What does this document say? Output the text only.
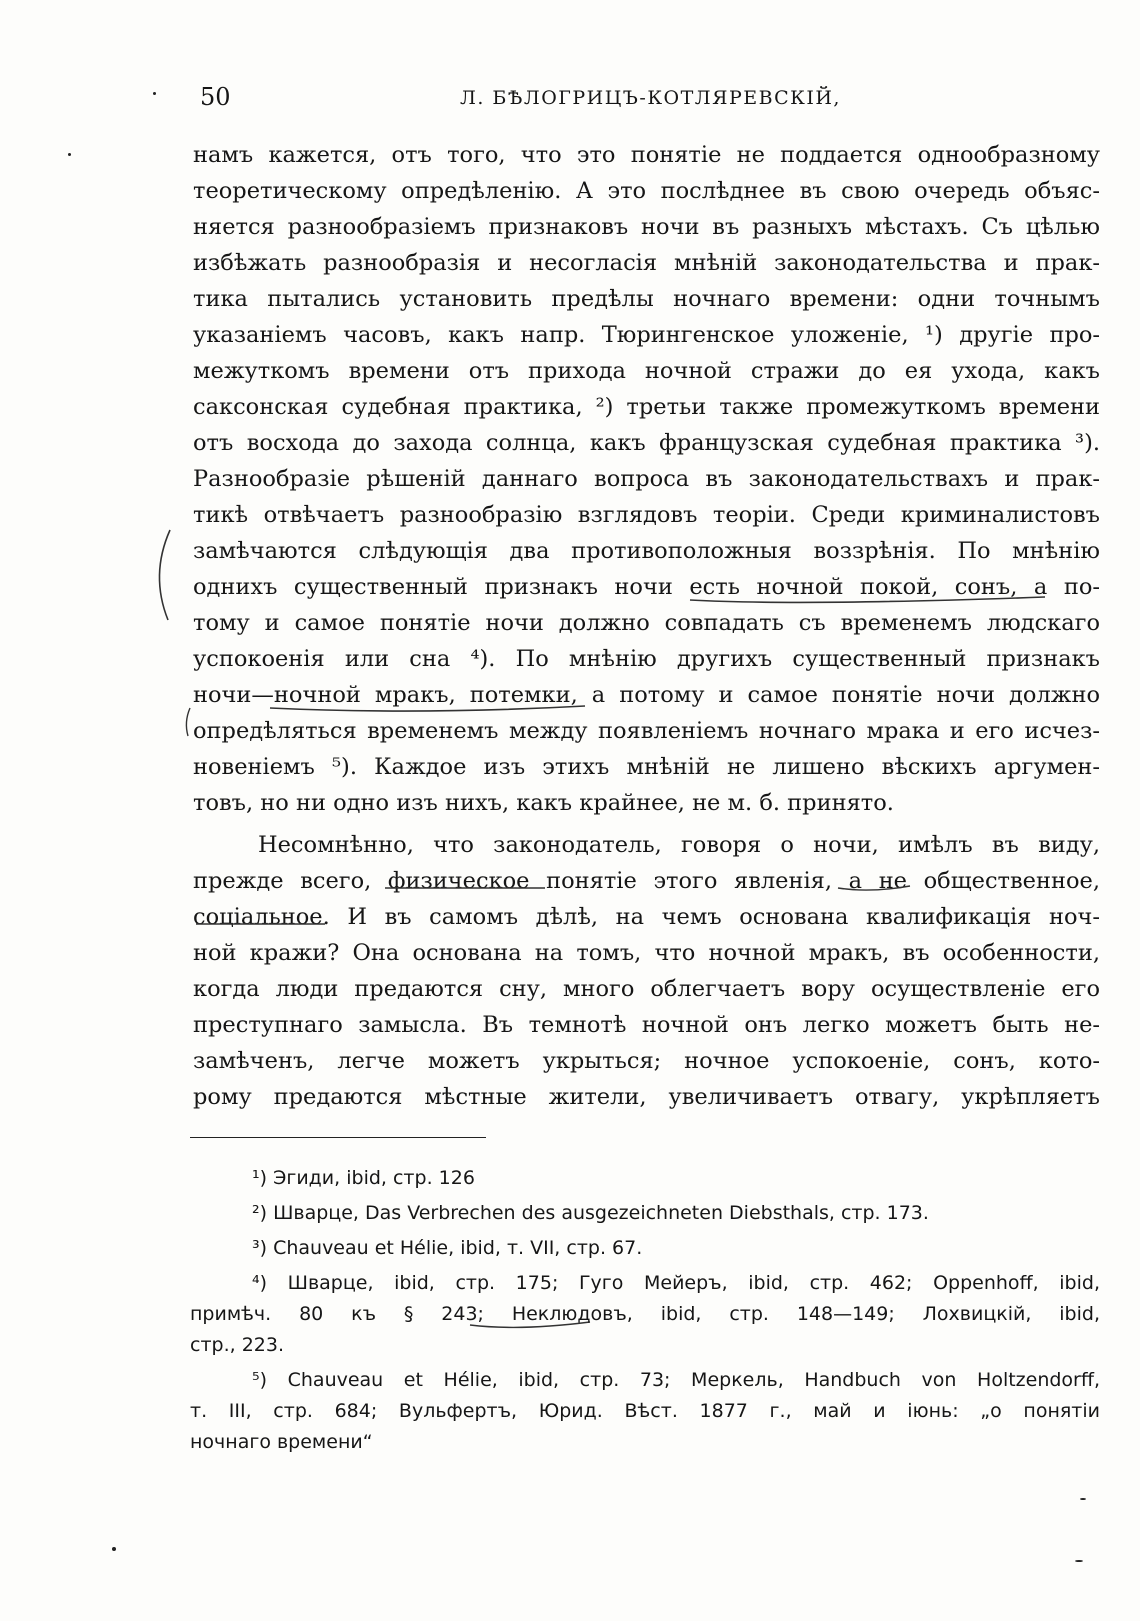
50	Л. БѢЛОГРИЦЪ-КОТЛЯРЕВСКІЙ,
намъ кажется, отъ того, что это понятіе не поддается однообразному
теоретическому опредѣленію. А это послѣднее въ свою очередь объяс-
няется разнообразіемъ признаковъ ночи въ разныхъ мѣстахъ. Съ цѣлью
избѣжать разнообразія и несогласія мнѣній законодательства и прак-
тика пытались установить предѣлы ночнаго времени: одни точнымъ
указаніемъ часовъ, какъ напр. Тюрингенское уложеніе, ¹) другіе про-
межуткомъ времени отъ прихода ночной стражи до ея ухода, какъ
саксонская судебная практика, ²) третьи также промежуткомъ времени
отъ восхода до захода солнца, какъ французская судебная практика ³).
Разнообразіе рѣшеній даннаго вопроса въ законодательствахъ и прак-
тикѣ отвѣчаетъ разнообразію взглядовъ теоріи. Среди криминалистовъ
замѣчаются слѣдующія два противоположныя воззрѣнія. По мнѣнію
однихъ существенный признакъ ночи есть ночной покой, сонъ, а по-
тому и самое понятіе ночи должно совпадать съ временемъ людскаго
успокоенія или сна ⁴). По мнѣнію другихъ существенный признакъ
ночи—ночной мракъ, потемки, а потому и самое понятіе ночи должно
опредѣляться временемъ между появленіемъ ночнаго мрака и его исчез-
новеніемъ ⁵). Каждое изъ этихъ мнѣній не лишено вѣскихъ аргумен-
товъ, но ни одно изъ нихъ, какъ крайнее, не м. б. принято.
Несомнѣнно, что законодатель, говоря о ночи, имѣлъ въ виду,
прежде всего, физическое понятіе этого явленія, а не общественное,
соціальное. И въ самомъ дѣлѣ, на чемъ основана квалификація ноч-
ной кражи? Она основана на томъ, что ночной мракъ, въ особенности,
когда люди предаются сну, много облегчаетъ вору осуществленіе его
преступнаго замысла. Въ темнотѣ ночной онъ легко можетъ быть не-
замѣченъ, легче можетъ укрыться; ночное успокоеніе, сонъ, кото-
рому предаются мѣстные жители, увеличиваетъ отвагу, укрѣпляетъ
¹) Эгиди, ibid, стр. 126
²) Шварце, Das Verbrechen des ausgezeichneten Diebsthals, стр. 173.
³) Chauveau et Hélie, ibid, т. VII, стр. 67.
⁴) Шварце, ibid, стр. 175; Гуго Мейеръ, ibid, стр. 462; Oppenhoff, ibid,
примѣч. 80 къ § 243; Неклюдовъ, ibid, стр. 148—149; Лохвицкій, ibid,
стр., 223.
⁵) Chauveau et Hélie, ibid, стр. 73; Меркель, Handbuch von Holtzendorff,
т. III, стр. 684; Вульфертъ, Юрид. Вѣст. 1877 г., май и іюнь: „о понятіи
ночнаго времени“
